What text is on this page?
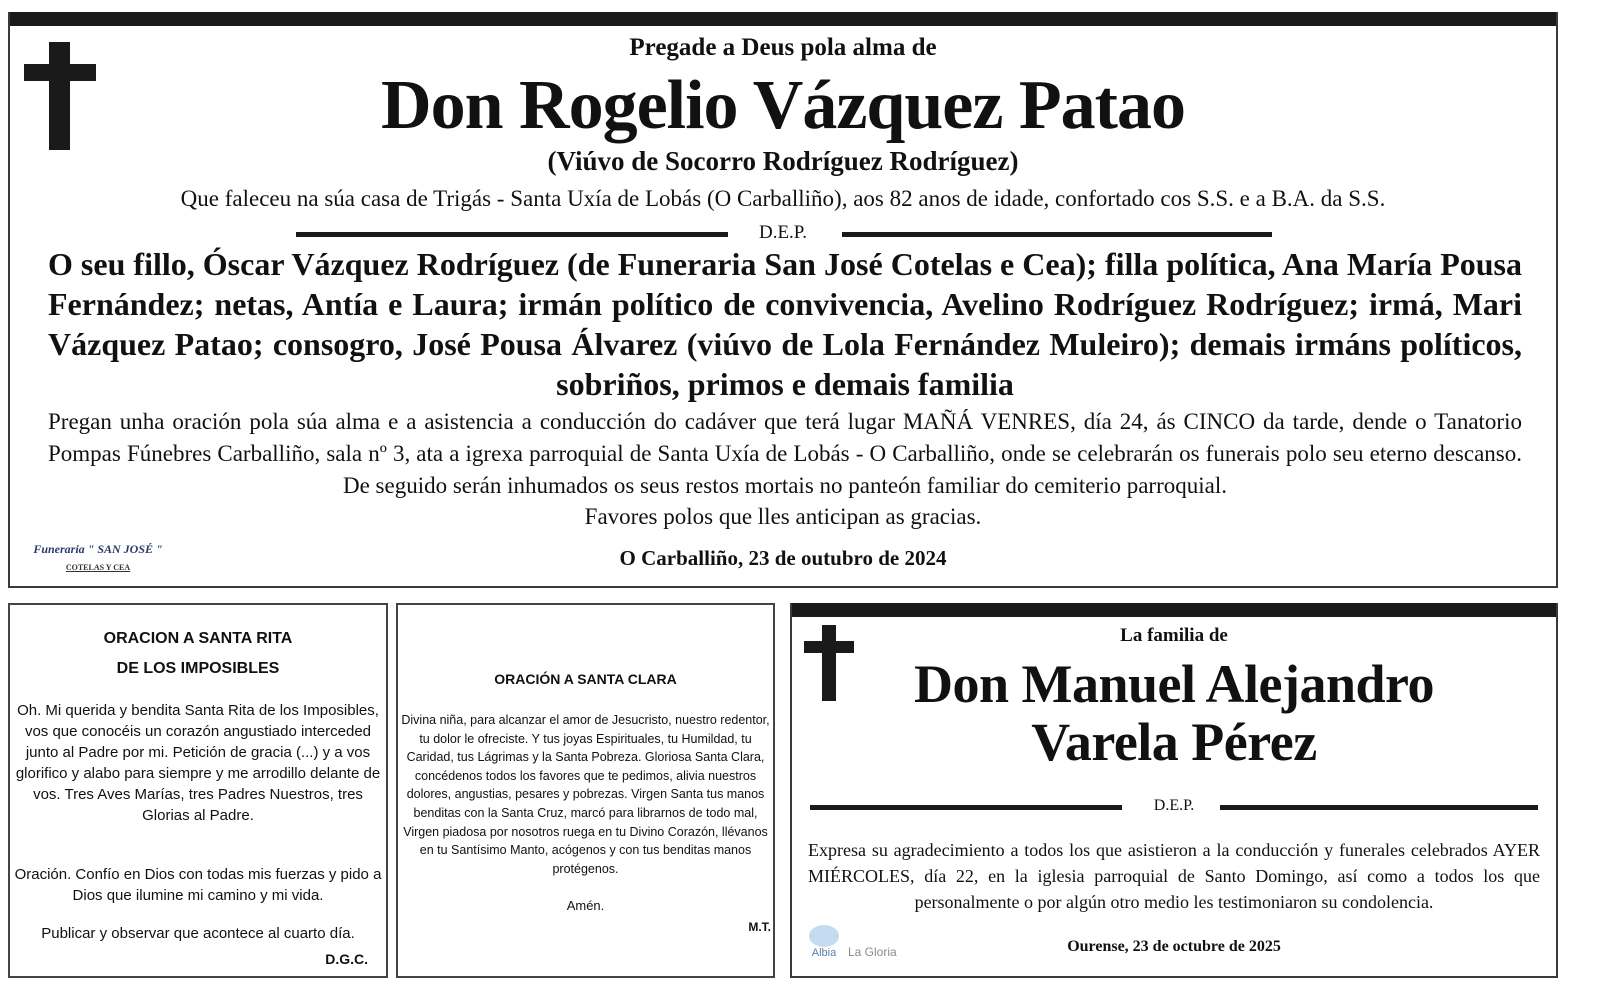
Pregade a Deus pola alma de
Don Rogelio Vázquez Patao
(Viúvo de Socorro Rodríguez Rodríguez)
Que faleceu na súa casa de Trigás - Santa Uxía de Lobás (O Carballiño), aos 82 anos de idade, confortado cos S.S. e a B.A. da S.S.
D.E.P.
O seu fillo, Óscar Vázquez Rodríguez (de Funeraria San José Cotelas e Cea); filla política, Ana María Pousa Fernández; netas, Antía e Laura; irmán político de convivencia, Avelino Rodríguez Rodríguez; irmá, Mari Vázquez Patao; consogro, José Pousa Álvarez (viúvo de Lola Fernández Muleiro); demais irmáns políticos, sobriños, primos e demais familia
Pregan unha oración pola súa alma e a asistencia a conducción do cadáver que terá lugar MAÑÁ VENRES, día 24, ás CINCO da tarde, dende o Tanatorio Pompas Fúnebres Carballiño, sala nº 3, ata a igrexa parroquial de Santa Uxía de Lobás - O Carballiño, onde se celebrarán os funerais polo seu eterno descanso. De seguido serán inhumados os seus restos mortais no panteón familiar do cemiterio parroquial.
Favores polos que lles anticipan as gracias.
O Carballiño, 23 de outubro de 2024
Funeraria " SAN JOSÉ "
COTELAS Y CEA
ORACION A SANTA RITA
DE LOS IMPOSIBLES
Oh. Mi querida y bendita Santa Rita de los Imposibles, vos que conocéis un corazón angustiado interceded junto al Padre por mi. Petición de gracia (...) y a vos glorifico y alabo para siempre y me arrodillo delante de vos. Tres Aves Marías, tres Padres Nuestros, tres Glorias al Padre.
Oración. Confío en Dios con todas mis fuerzas y pido a Dios que ilumine mi camino y mi vida.
Publicar y observar que acontece al cuarto día.
D.G.C.
ORACIÓN A SANTA CLARA
Divina niña, para alcanzar el amor de Jesucristo, nuestro redentor, tu dolor le ofreciste. Y tus joyas Espirituales, tu Humildad, tu Caridad, tus Lágrimas y la Santa Pobreza. Gloriosa Santa Clara, concédenos todos los favores que te pedimos, alivia nuestros dolores, angustias, pesares y pobrezas. Virgen Santa tus manos benditas con la Santa Cruz, marcó para librarnos de todo mal, Virgen piadosa por nosotros ruega en tu Divino Corazón, llévanos en tu Santísimo Manto, acógenos y con tus benditas manos protégenos.
Amén.
M.T.
La familia de
Don Manuel Alejandro
Varela Pérez
D.E.P.
Expresa su agradecimiento a todos los que asistieron a la conducción y funerales celebrados AYER MIÉRCOLES, día 22, en la iglesia parroquial de Santo Domingo, así como a todos los que personalmente o por algún otro medio les testimoniaron su condolencia.
Ourense, 23 de octubre de 2025
Albia La Gloria
